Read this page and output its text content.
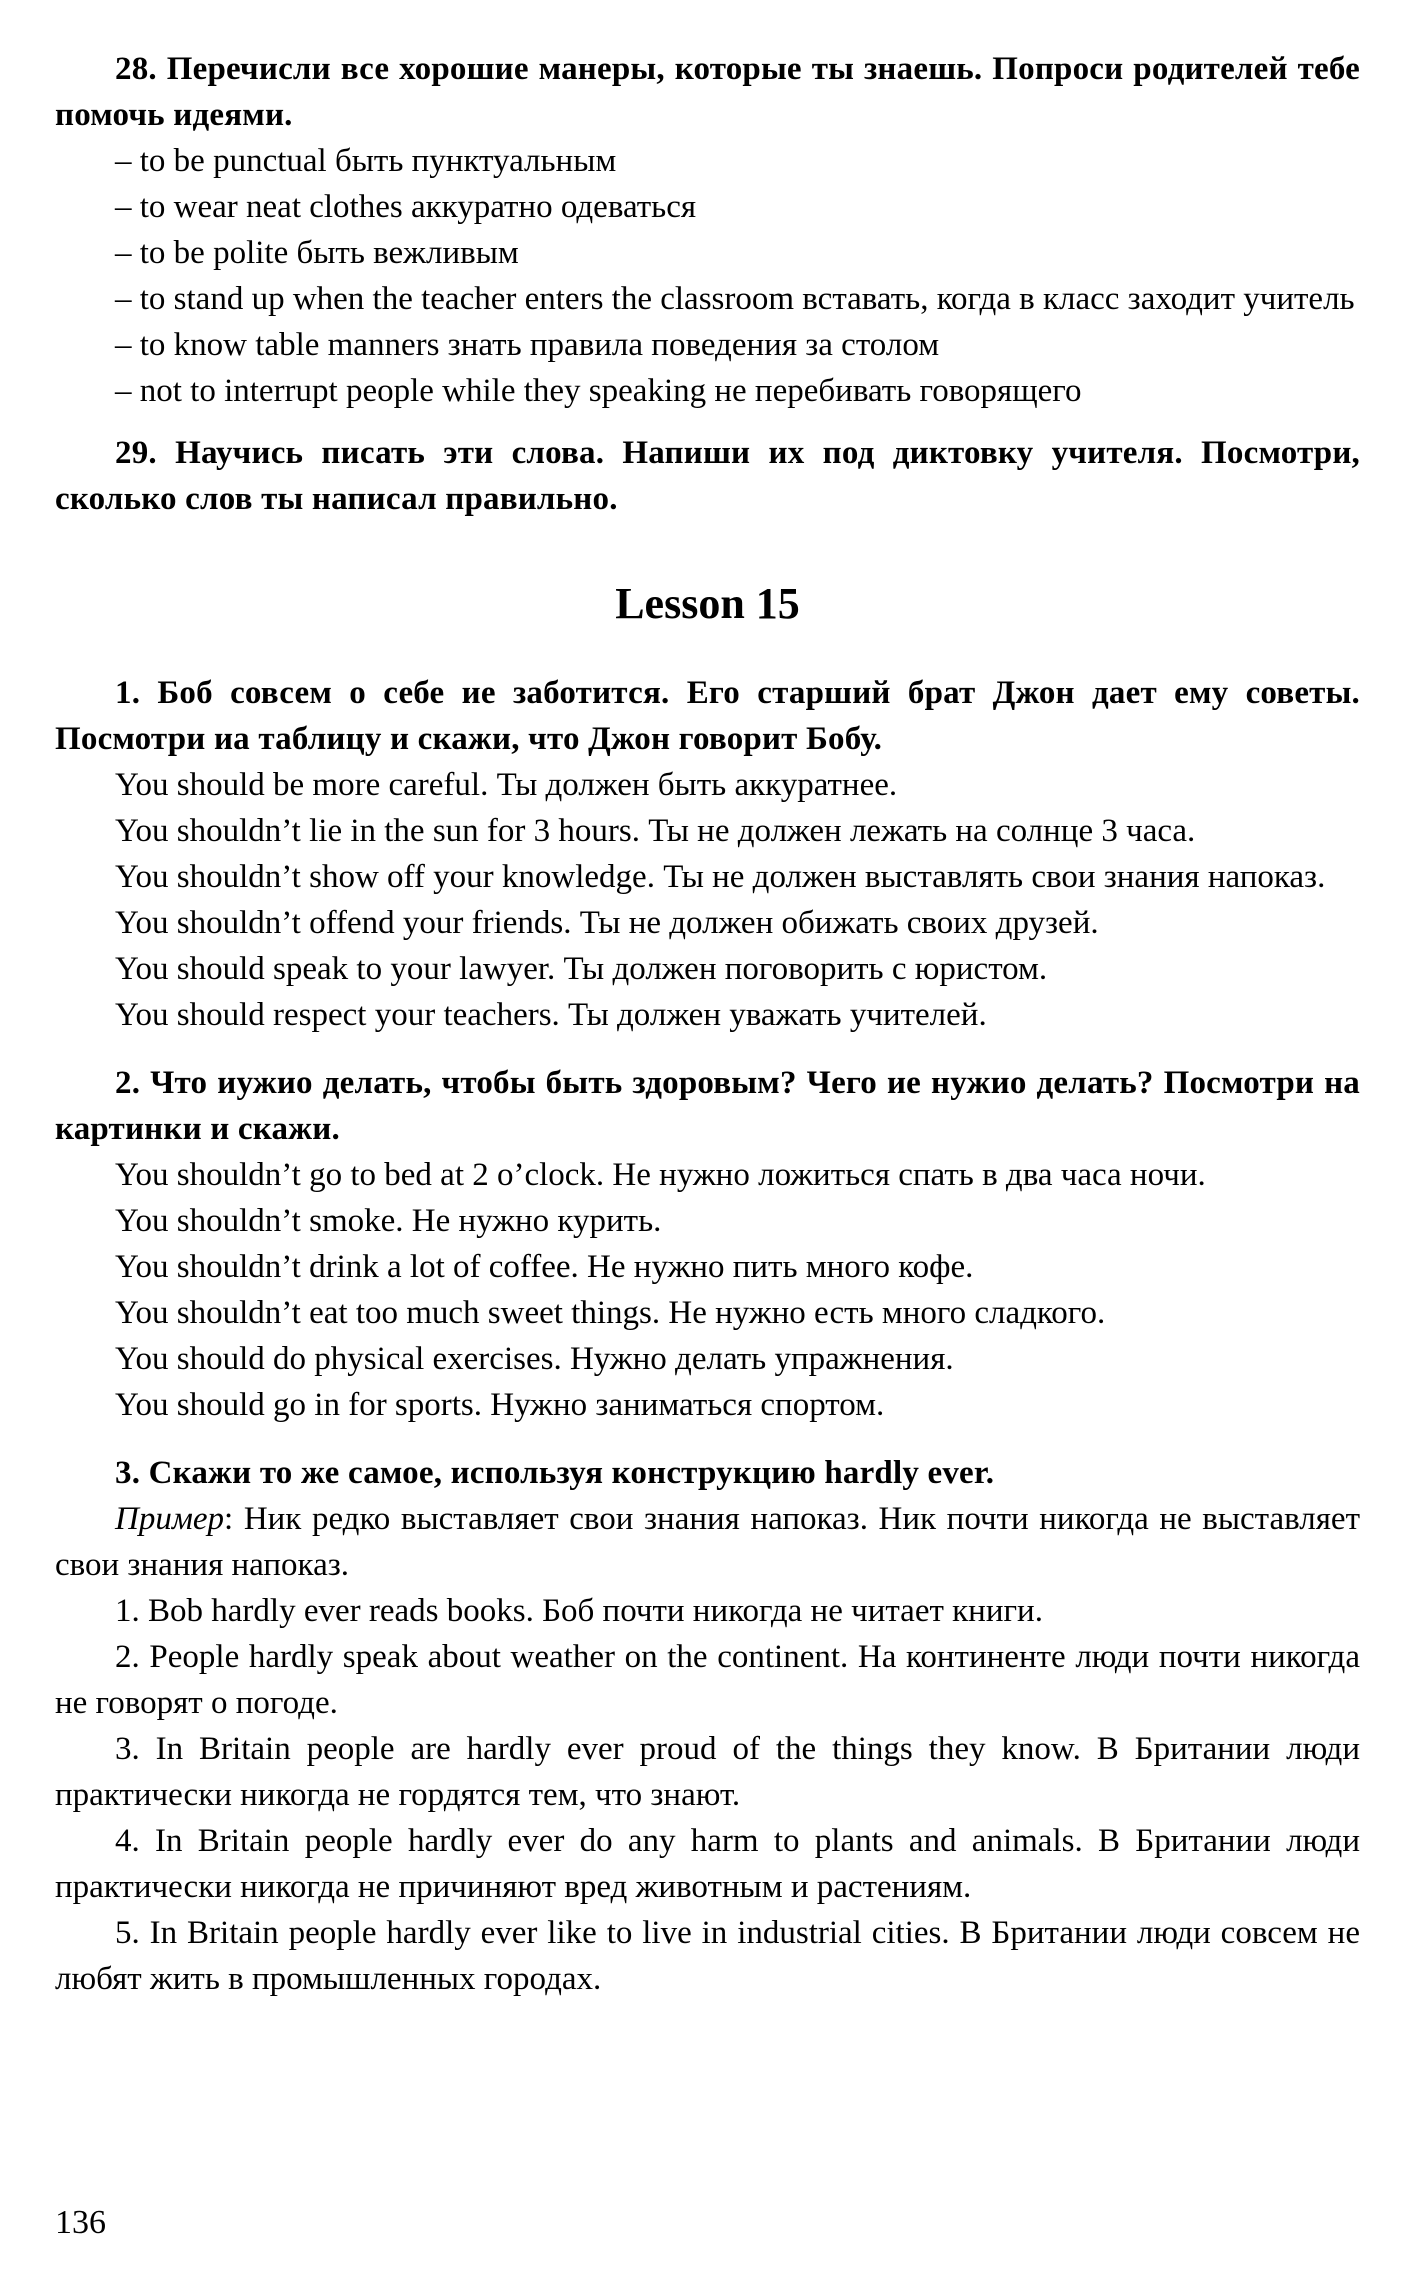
28. Перечисли все хорошие манеры, которые ты знаешь. Попроси родителей тебе помочь идеями.

– to be punctual быть пунктуальным

– to wear neat clothes аккуратно одеваться

– to be polite быть вежливым

– to stand up when the teacher enters the classroom вставать, когда в класс заходит учитель

– to know table manners знать правила поведения за столом

– not to interrupt people while they speaking не перебивать говорящего

29. Научись писать эти слова. Напиши их под диктовку учителя. Посмотри, сколько слов ты написал правильно.

Lesson 15

1. Боб совсем о себе ие заботится. Его старший брат Джон дает ему советы. Посмотри иа таблицу и скажи, что Джон говорит Бобу.

You should be more careful. Ты должен быть аккуратнее.

You shouldn’t lie in the sun for 3 hours. Ты не должен лежать на солнце 3 часа.

You shouldn’t show off your knowledge. Ты не должен выставлять свои знания напоказ.

You shouldn’t offend your friends. Ты не должен обижать своих друзей.

You should speak to your lawyer. Ты должен поговорить с юристом.

You should respect your teachers. Ты должен уважать учителей.

2. Что иужио делать, чтобы быть здоровым? Чего ие нужио делать? Посмотри на картинки и скажи.

You shouldn’t go to bed at 2 o’clock. Не нужно ложиться спать в два часа ночи.

You shouldn’t smoke. Не нужно курить.

You shouldn’t drink a lot of coffee. Не нужно пить много кофе.

You shouldn’t eat too much sweet things. Не нужно есть много сладкого.

You should do physical exercises. Нужно делать упражнения.

You should go in for sports. Нужно заниматься спортом.

3. Скажи то же самое, используя конструкцию hardly ever.

Пример: Ник редко выставляет свои знания напоказ. Ник почти никогда не выставляет свои знания напоказ.

1. Bob hardly ever reads books. Боб почти никогда не читает книги.

2. People hardly speak about weather on the continent. На континенте люди почти никогда не говорят о погоде.

3. In Britain people are hardly ever proud of the things they know. В Британии люди практически никогда не гордятся тем, что знают.

4. In Britain people hardly ever do any harm to plants and animals. В Британии люди практически никогда не причиняют вред животным и растениям.

5. In Britain people hardly ever like to live in industrial cities. В Британии люди совсем не любят жить в промышленных городах.

136
